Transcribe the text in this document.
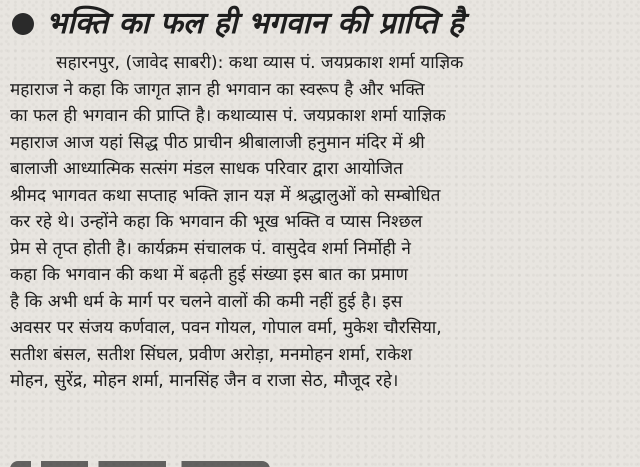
भक्ति का फल ही भगवान की प्राप्ति है
सहारनपुर, (जावेद साबरी): कथा व्यास पं. जयप्रकाश शर्मा याज्ञिक
महाराज ने कहा कि जागृत ज्ञान ही भगवान का स्वरूप है और भक्ति
का फल ही भगवान की प्राप्ति है। कथाव्यास पं. जयप्रकाश शर्मा याज्ञिक
महाराज आज यहां सिद्ध पीठ प्राचीन श्रीबालाजी हनुमान मंदिर में श्री
बालाजी आध्यात्मिक सत्संग मंडल साधक परिवार द्वारा आयोजित
श्रीमद भागवत कथा सप्ताह भक्ति ज्ञान यज्ञ में श्रद्धालुओं को सम्बोधित
कर रहे थे। उन्होंने कहा कि भगवान की भूख भक्ति व प्यास निश्छल
प्रेम से तृप्त होती है। कार्यक्रम संचालक पं. वासुदेव शर्मा निर्मोही ने
कहा कि भगवान की कथा में बढ़ती हुई संख्या इस बात का प्रमाण
है कि अभी धर्म के मार्ग पर चलने वालों की कमी नहीं हुई है। इस
अवसर पर संजय कर्णवाल, पवन गोयल, गोपाल वर्मा, मुकेश चौरसिया,
सतीश बंसल, सतीश सिंघल, प्रवीण अरोड़ा, मनमोहन शर्मा, राकेश
मोहन, सुरेंद्र, मोहन शर्मा, मानसिंह जैन व राजा सेठ, मौजूद रहे।
